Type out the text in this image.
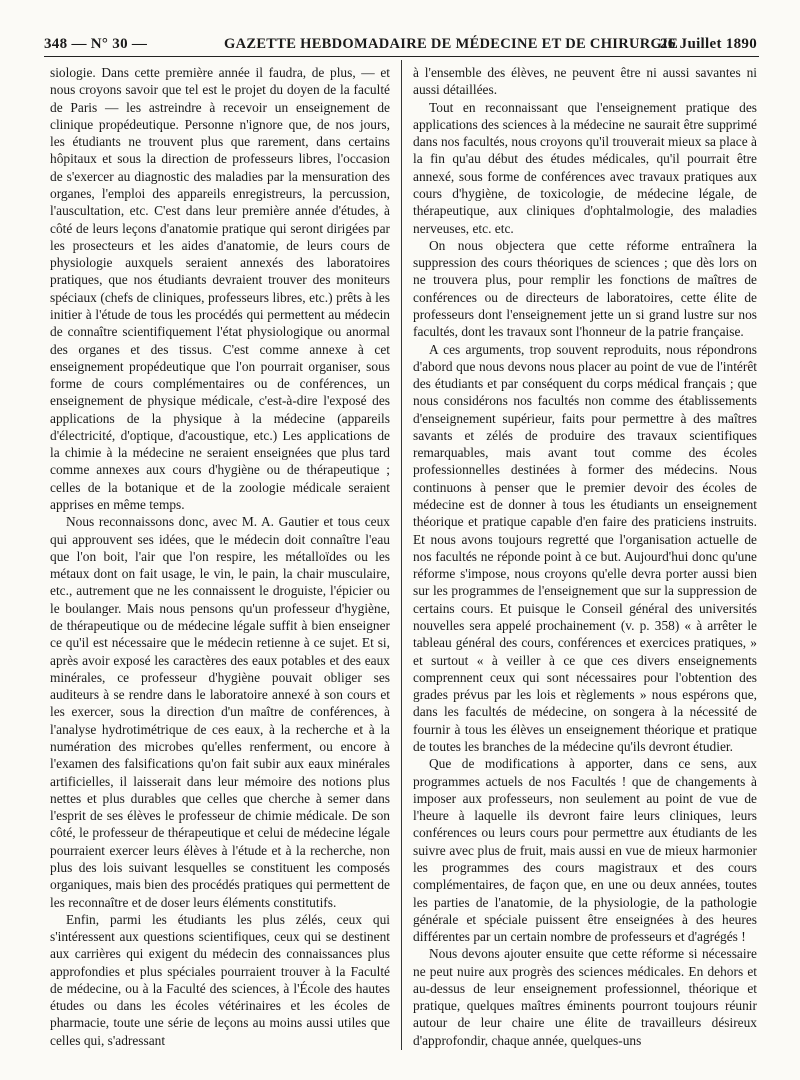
348 — N° 30 —	GAZETTE HEBDOMADAIRE DE MÉDECINE ET DE CHIRURGIE
26 Juillet 1890

siologie. Dans cette première année il faudra, de plus, — et nous croyons savoir que tel est le projet du doyen de la faculté de Paris — les astreindre à recevoir un enseignement de clinique propédeutique. Personne n'ignore que, de nos jours, les étudiants ne trouvent plus que rarement, dans certains hôpitaux et sous la direction de professeurs libres, l'occasion de s'exercer au diagnostic des maladies par la mensuration des organes, l'emploi des appareils enregistreurs, la percussion, l'auscultation, etc. C'est dans leur première année d'études, à côté de leurs leçons d'anatomie pratique qui seront dirigées par les prosecteurs et les aides d'anatomie, de leurs cours de physiologie auxquels seraient annexés des laboratoires pratiques, que nos étudiants devraient trouver des moniteurs spéciaux (chefs de cliniques, professeurs libres, etc.) prêts à les initier à l'étude de tous les procédés qui permettent au médecin de connaître scientifiquement l'état physiologique ou anormal des organes et des tissus. C'est comme annexe à cet enseignement propédeutique que l'on pourrait organiser, sous forme de cours complémentaires ou de conférences, un enseignement de physique médicale, c'est-à-dire l'exposé des applications de la physique à la médecine (appareils d'électricité, d'optique, d'acoustique, etc.) Les applications de la chimie à la médecine ne seraient enseignées que plus tard comme annexes aux cours d'hygiène ou de thérapeutique ; celles de la botanique et de la zoologie médicale seraient apprises en même temps.

Nous reconnaissons donc, avec M. A. Gautier et tous ceux qui approuvent ses idées, que le médecin doit connaître l'eau que l'on boit, l'air que l'on respire, les métalloïdes ou les métaux dont on fait usage, le vin, le pain, la chair musculaire, etc., autrement que ne les connaissent le droguiste, l'épicier ou le boulanger. Mais nous pensons qu'un professeur d'hygiène, de thérapeutique ou de médecine légale suffit à bien enseigner ce qu'il est nécessaire que le médecin retienne à ce sujet. Et si, après avoir exposé les caractères des eaux potables et des eaux minérales, ce professeur d'hygiène pouvait obliger ses auditeurs à se rendre dans le laboratoire annexé à son cours et les exercer, sous la direction d'un maître de conférences, à l'analyse hydrotimétrique de ces eaux, à la recherche et à la numération des microbes qu'elles renferment, ou encore à l'examen des falsifications qu'on fait subir aux eaux minérales artificielles, il laisserait dans leur mémoire des notions plus nettes et plus durables que celles que cherche à semer dans l'esprit de ses élèves le professeur de chimie médicale. De son côté, le professeur de thérapeutique et celui de médecine légale pourraient exercer leurs élèves à l'étude et à la recherche, non plus des lois suivant lesquelles se constituent les composés organiques, mais bien des procédés pratiques qui permettent de les reconnaître et de doser leurs éléments constitutifs.

Enfin, parmi les étudiants les plus zélés, ceux qui s'intéressent aux questions scientifiques, ceux qui se destinent aux carrières qui exigent du médecin des connaissances plus approfondies et plus spéciales pourraient trouver à la Faculté de médecine, ou à la Faculté des sciences, à l'École des hautes études ou dans les écoles vétérinaires et les écoles de pharmacie, toute une série de leçons au moins aussi utiles que celles qui, s'adressant

à l'ensemble des élèves, ne peuvent être ni aussi savantes ni aussi détaillées.

Tout en reconnaissant que l'enseignement pratique des applications des sciences à la médecine ne saurait être supprimé dans nos facultés, nous croyons qu'il trouverait mieux sa place à la fin qu'au début des études médicales, qu'il pourrait être annexé, sous forme de conférences avec travaux pratiques aux cours d'hygiène, de toxicologie, de médecine légale, de thérapeutique, aux cliniques d'ophtalmologie, des maladies nerveuses, etc. etc.

On nous objectera que cette réforme entraînera la suppression des cours théoriques de sciences ; que dès lors on ne trouvera plus, pour remplir les fonctions de maîtres de conférences ou de directeurs de laboratoires, cette élite de professeurs dont l'enseignement jette un si grand lustre sur nos facultés, dont les travaux sont l'honneur de la patrie française.

A ces arguments, trop souvent reproduits, nous répondrons d'abord que nous devons nous placer au point de vue de l'intérêt des étudiants et par conséquent du corps médical français ; que nous considérons nos facultés non comme des établissements d'enseignement supérieur, faits pour permettre à des maîtres savants et zélés de produire des travaux scientifiques remarquables, mais avant tout comme des écoles professionnelles destinées à former des médecins. Nous continuons à penser que le premier devoir des écoles de médecine est de donner à tous les étudiants un enseignement théorique et pratique capable d'en faire des praticiens instruits. Et nous avons toujours regretté que l'organisation actuelle de nos facultés ne réponde point à ce but. Aujourd'hui donc qu'une réforme s'impose, nous croyons qu'elle devra porter aussi bien sur les programmes de l'enseignement que sur la suppression de certains cours. Et puisque le Conseil général des universités nouvelles sera appelé prochainement (v. p. 358) « à arrêter le tableau général des cours, conférences et exercices pratiques, » et surtout « à veiller à ce que ces divers enseignements comprennent ceux qui sont nécessaires pour l'obtention des grades prévus par les lois et règlements » nous espérons que, dans les facultés de médecine, on songera à la nécessité de fournir à tous les élèves un enseignement théorique et pratique de toutes les branches de la médecine qu'ils devront étudier.

Que de modifications à apporter, dans ce sens, aux programmes actuels de nos Facultés ! que de changements à imposer aux professeurs, non seulement au point de vue de l'heure à laquelle ils devront faire leurs cliniques, leurs conférences ou leurs cours pour permettre aux étudiants de les suivre avec plus de fruit, mais aussi en vue de mieux harmonier les programmes des cours magistraux et des cours complémentaires, de façon que, en une ou deux années, toutes les parties de l'anatomie, de la physiologie, de la pathologie générale et spéciale puissent être enseignées à des heures différentes par un certain nombre de professeurs et d'agrégés !

Nous devons ajouter ensuite que cette réforme si nécessaire ne peut nuire aux progrès des sciences médicales. En dehors et au-dessus de leur enseignement professionnel, théorique et pratique, quelques maîtres éminents pourront toujours réunir autour de leur chaire une élite de travailleurs désireux d'approfondir, chaque année, quelques-uns
